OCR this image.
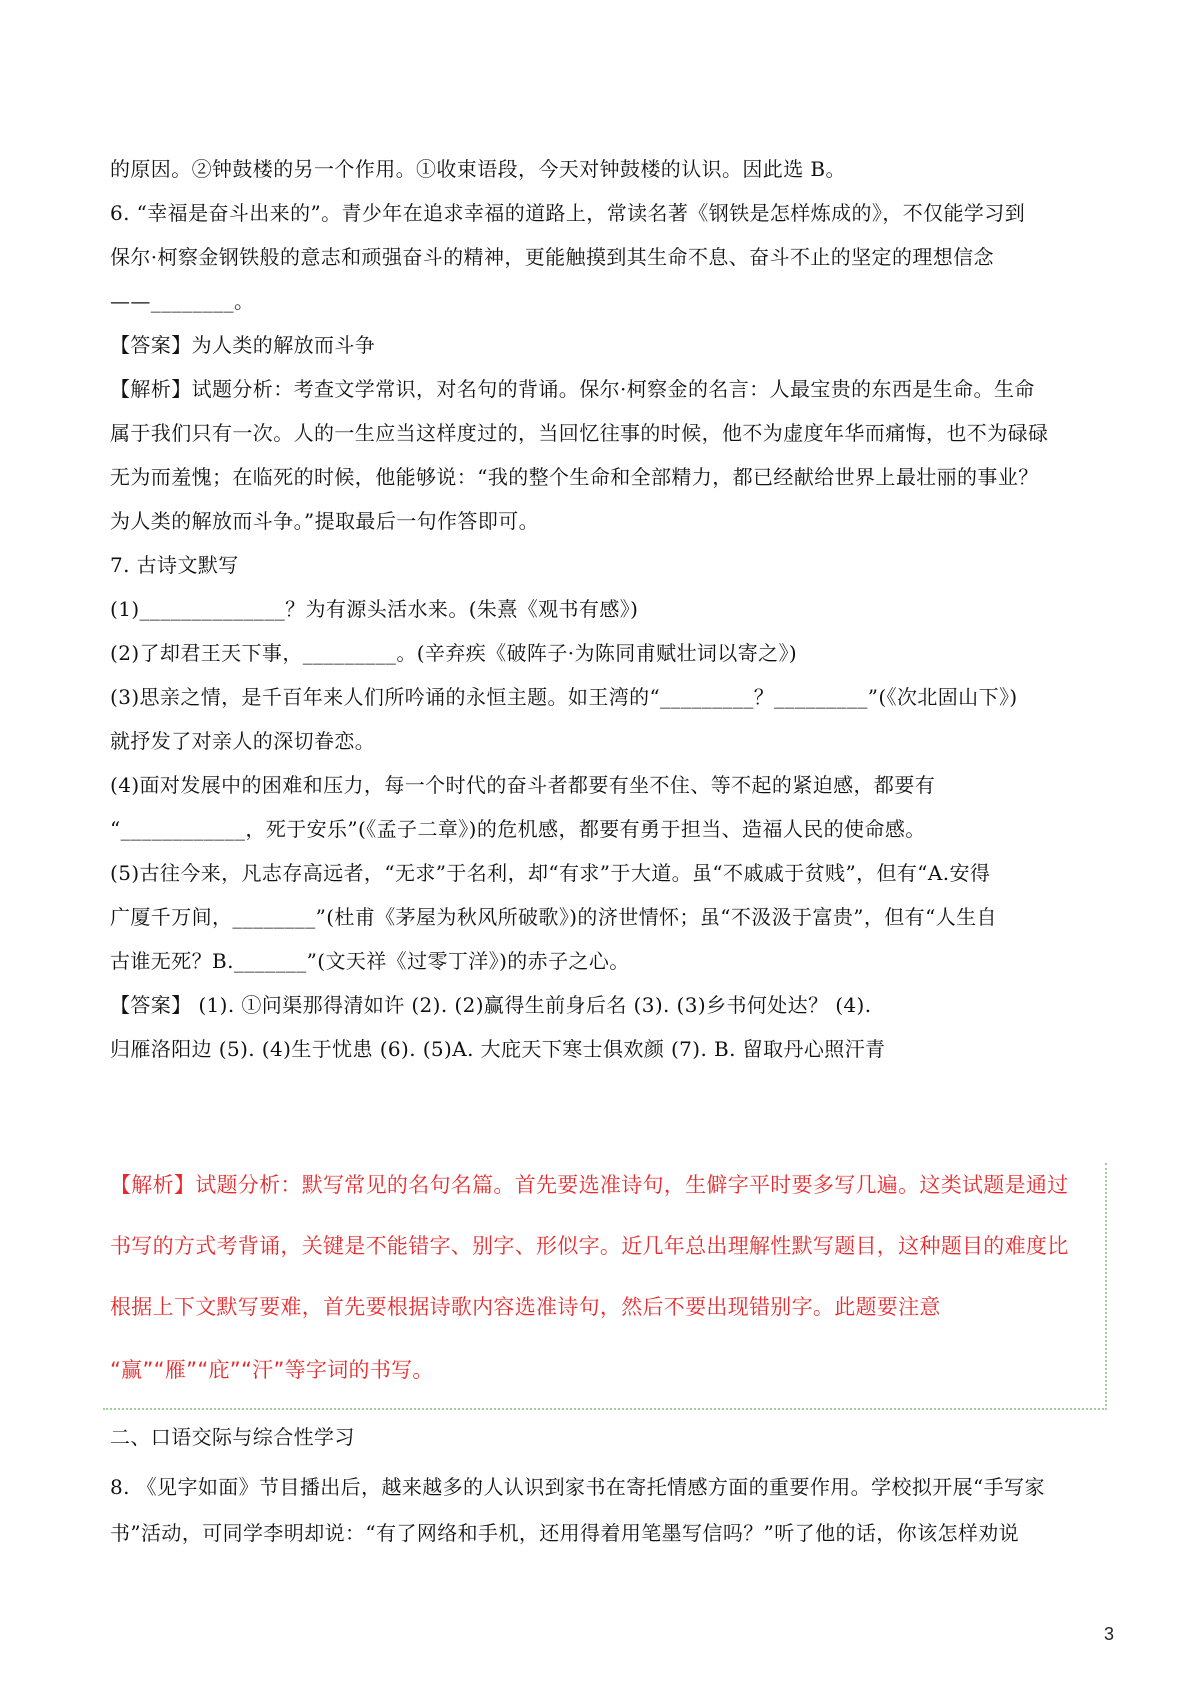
的原因。②钟鼓楼的另一个作用。①收束语段，今天对钟鼓楼的认识。因此选 B。
6. “幸福是奋斗出来的”。青少年在追求幸福的道路上，常读名著《钢铁是怎样炼成的》，不仅能学习到
保尔·柯察金钢铁般的意志和顽强奋斗的精神，更能触摸到其生命不息、奋斗不止的坚定的理想信念
——________。
【答案】为人类的解放而斗争
【解析】试题分析：考查文学常识，对名句的背诵。保尔·柯察金的名言：人最宝贵的东西是生命。生命
属于我们只有一次。人的一生应当这样度过的，当回忆往事的时候，他不为虚度年华而痛悔，也不为碌碌
无为而羞愧；在临死的时候，他能够说：“我的整个生命和全部精力，都已经献给世界上最壮丽的事业？
为人类的解放而斗争。”提取最后一句作答即可。
7. 古诗文默写
(1)______________？为有源头活水来。(朱熹《观书有感》)
(2)了却君王天下事，_________。(辛弃疾《破阵子·为陈同甫赋壮词以寄之》)
(3)思亲之情，是千百年来人们所吟诵的永恒主题。如王湾的“_________？_________”(《次北固山下》)
就抒发了对亲人的深切眷恋。
(4)面对发展中的困难和压力，每一个时代的奋斗者都要有坐不住、等不起的紧迫感，都要有
“____________，死于安乐”(《孟子二章》)的危机感，都要有勇于担当、造福人民的使命感。
(5)古往今来，凡志存高远者，“无求”于名利，却“有求”于大道。虽“不戚戚于贫贱”，但有“A.安得
广厦千万间，________”(杜甫《茅屋为秋风所破歌》)的济世情怀；虽“不汲汲于富贵”，但有“人生自
古谁无死？B._______”(文天祥《过零丁洋》)的赤子之心。
【答案】 (1). ①问渠那得清如许 (2). (2)赢得生前身后名 (3). (3)乡书何处达？ (4).
归雁洛阳边 (5). (4)生于忧患 (6). (5)A. 大庇天下寒士俱欢颜 (7). B. 留取丹心照汗青
【解析】试题分析：默写常见的名句名篇。首先要选准诗句，生僻字平时要多写几遍。这类试题是通过
书写的方式考背诵，关键是不能错字、别字、形似字。近几年总出理解性默写题目，这种题目的难度比
根据上下文默写要难，首先要根据诗歌内容选准诗句，然后不要出现错别字。此题要注意
“赢”“雁”“庇”“汗”等字词的书写。
二、口语交际与综合性学习
8. 《见字如面》节目播出后，越来越多的人认识到家书在寄托情感方面的重要作用。学校拟开展“手写家
书”活动，可同学李明却说：“有了网络和手机，还用得着用笔墨写信吗？”听了他的话，你该怎样劝说
3
